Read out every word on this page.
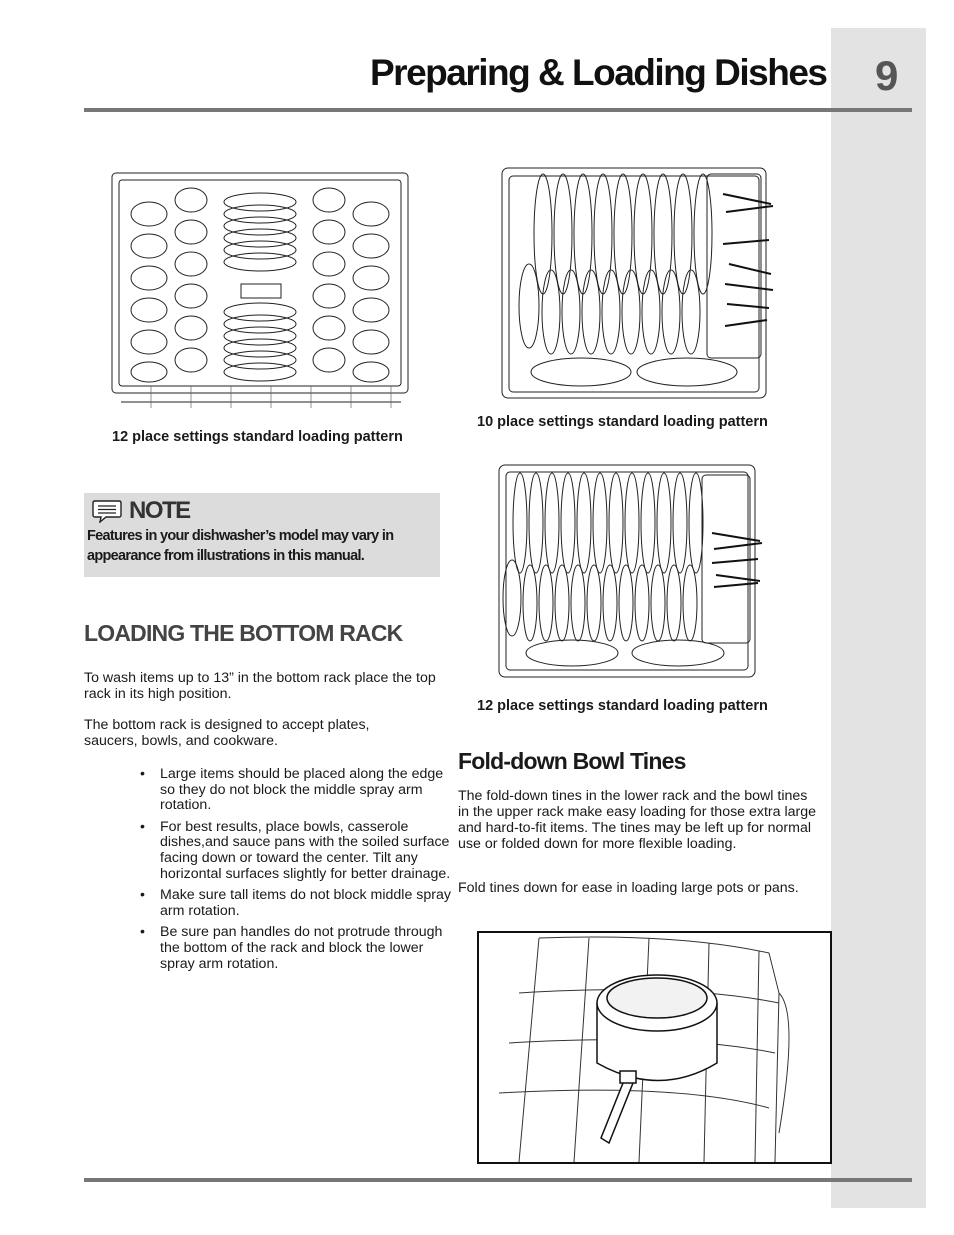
9
Preparing & Loading Dishes
12 place settings standard loading pattern
10 place settings standard loading pattern
12 place settings standard loading pattern
NOTE
Features in your dishwasher’s model may vary in appearance from illustrations in this manual.
LOADING THE BOTTOM RACK
To wash items up to 13” in the bottom rack place the top rack in its high position.
The bottom rack is designed to accept plates, saucers, bowls, and cookware.
• Large items should be placed along the edge so they do not block the middle spray arm rotation.
• For best results, place bowls, casserole dishes,and sauce pans with the soiled surface facing down or toward the center. Tilt any horizontal surfaces slightly for better drainage.
• Make sure tall items do not block middle spray arm rotation.
• Be sure pan handles do not protrude through the bottom of the rack and block the lower spray arm rotation.
Fold-down Bowl Tines
The fold-down tines in the lower rack and the bowl tines in the upper rack make easy loading for those extra large and hard-to-fit items. The tines may be left up for normal use or folded down for more flexible loading.
Fold tines down for ease in loading large pots or pans.
